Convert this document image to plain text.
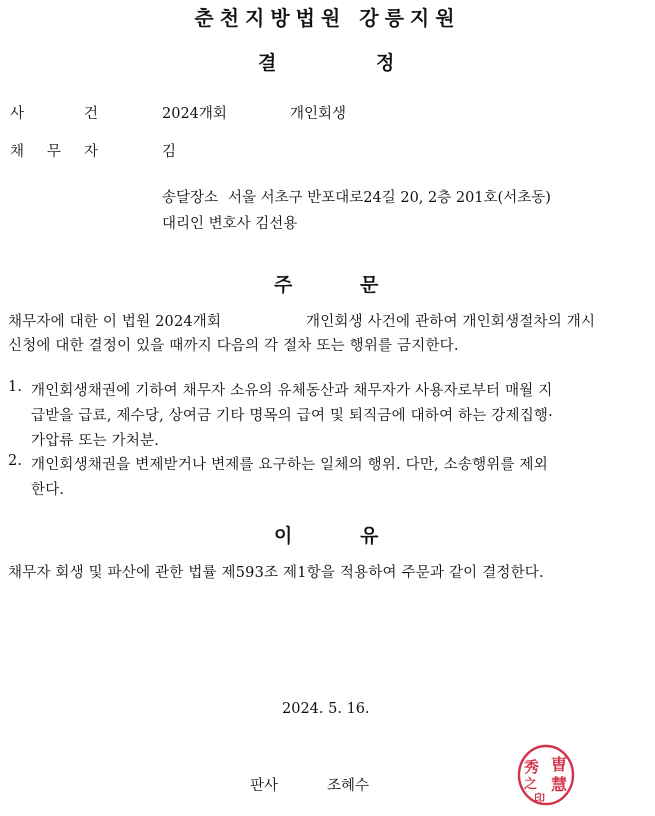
춘천지방법원 강릉지원
결	정
사	건	2024개회	개인회생
채 무 자	김
송달장소 서울 서초구 반포대로24길 20, 2층 201호(서초동)
대리인 변호사 김선용
주	문
채무자에 대한 이 법원 2024개회	개인회생 사건에 관하여 개인회생절차의 개시
신청에 대한 결정이 있을 때까지 다음의 각 절차 또는 행위를 금지한다.
1. 개인회생채권에 기하여 채무자 소유의 유체동산과 채무자가 사용자로부터 매월 지
급받을 급료, 제수당, 상여금 기타 명목의 급여 및 퇴직금에 대하여 하는 강제집행·
가압류 또는 가처분.
2. 개인회생채권을 변제받거나 변제를 요구하는 일체의 행위. 다만, 소송행위를 제외
한다.
이	유
채무자 회생 및 파산에 관한 법률 제593조 제1항을 적용하여 주문과 같이 결정한다.
2024. 5. 16.
판사	조혜수
曺
慧
秀
之
印
